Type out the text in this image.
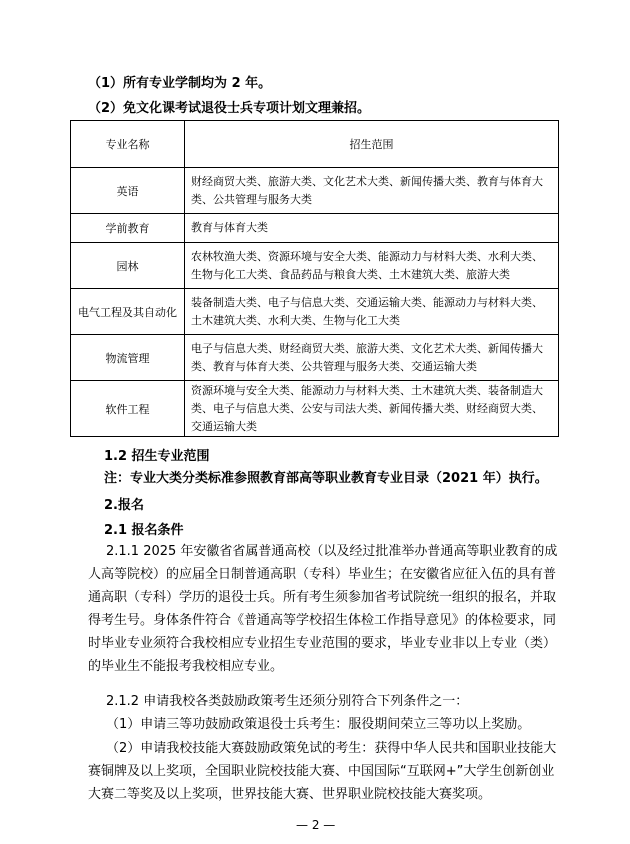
（1）所有专业学制均为 2 年。
（2）免文化课考试退役士兵专项计划文理兼招。
专业名称	招生范围
英语	财经商贸大类、旅游大类、文化艺术大类、新闻传播大类、教育与体育大
类、公共管理与服务大类

学前教育	教育与体育大类

园林	农林牧渔大类、资源环境与安全大类、能源动力与材料大类、水利大类、
生物与化工大类、食品药品与粮食大类、土木建筑大类、旅游大类

电气工程及其自动化	装备制造大类、电子与信息大类、交通运输大类、能源动力与材料大类、
土木建筑大类、水利大类、生物与化工大类

物流管理	电子与信息大类、财经商贸大类、旅游大类、文化艺术大类、新闻传播大
类、教育与体育大类、公共管理与服务大类、交通运输大类

软件工程	资源环境与安全大类、能源动力与材料大类、土木建筑大类、装备制造大
类、电子与信息大类、公安与司法大类、新闻传播大类、财经商贸大类、
交通运输大类
1.2 招生专业范围
注：专业大类分类标准参照教育部高等职业教育专业目录（2021 年）执行。
2.报名
2.1 报名条件
2.1.1 2025 年安徽省省属普通高校（以及经过批准举办普通高等职业教育的成
人高等院校）的应届全日制普通高职（专科）毕业生；在安徽省应征入伍的具有普
通高职（专科）学历的退役士兵。所有考生须参加省考试院统一组织的报名，并取
得考生号。身体条件符合《普通高等学校招生体检工作指导意见》的体检要求，同
时毕业专业须符合我校相应专业招生专业范围的要求，毕业专业非以上专业（类）
的毕业生不能报考我校相应专业。
2.1.2 申请我校各类鼓励政策考生还须分别符合下列条件之一：
（1）申请三等功鼓励政策退役士兵考生：服役期间荣立三等功以上奖励。
（2）申请我校技能大赛鼓励政策免试的考生：获得中华人民共和国职业技能大
赛铜牌及以上奖项，全国职业院校技能大赛、中国国际“互联网+”大学生创新创业
大赛二等奖及以上奖项，世界技能大赛、世界职业院校技能大赛奖项。
— 2 —
